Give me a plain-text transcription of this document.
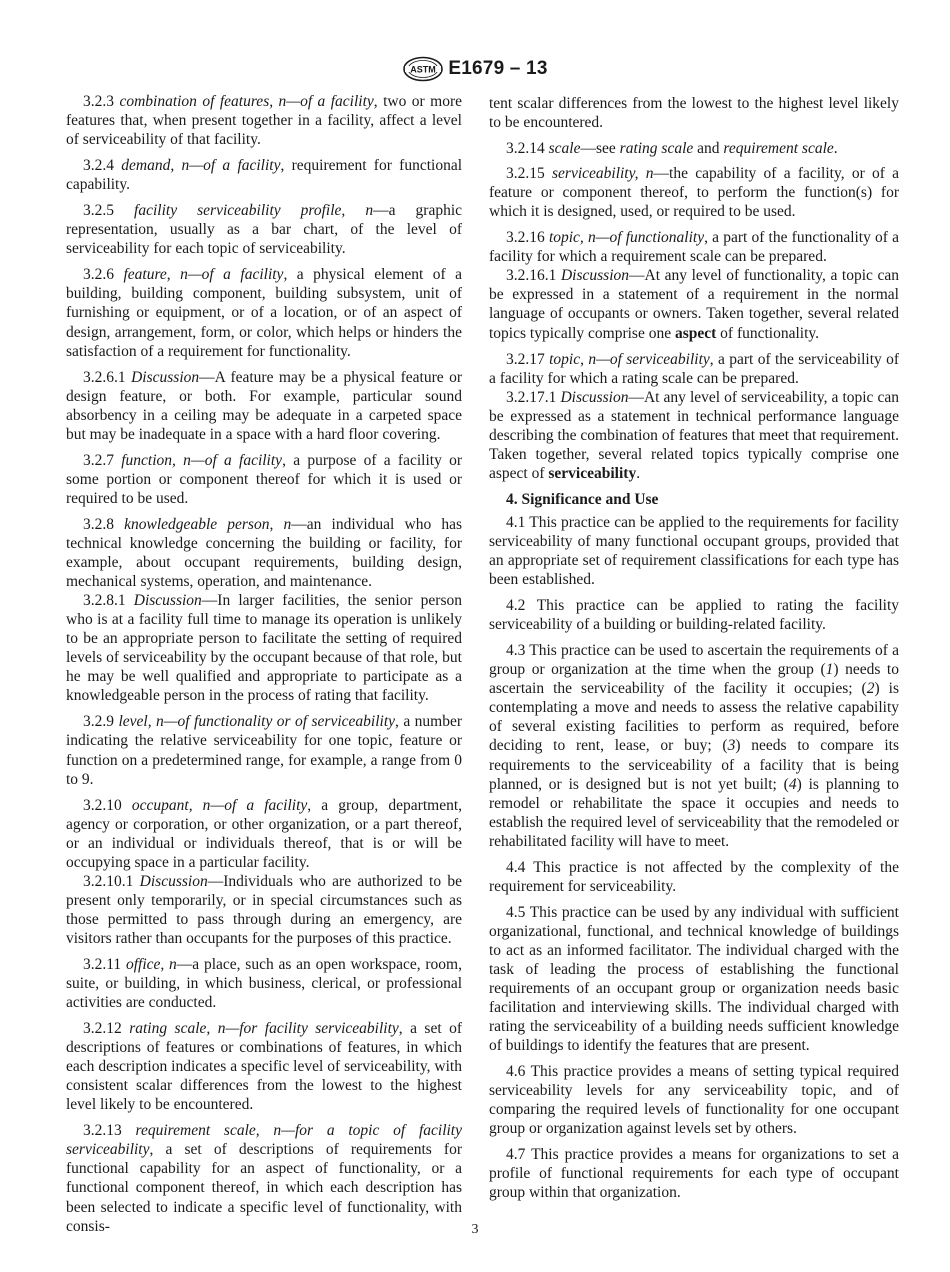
ASTM E1679 – 13

3.2.3 combination of features, n—of a facility, two or more features that, when present together in a facility, affect a level of serviceability of that facility.

3.2.4 demand, n—of a facility, requirement for functional capability.

3.2.5 facility serviceability profile, n—a graphic representation, usually as a bar chart, of the level of serviceability for each topic of serviceability.

3.2.6 feature, n—of a facility, a physical element of a building, building component, building subsystem, unit of furnishing or equipment, or of a location, or of an aspect of design, arrangement, form, or color, which helps or hinders the satisfaction of a requirement for functionality.

3.2.6.1 Discussion—A feature may be a physical feature or design feature, or both. For example, particular sound absorbency in a ceiling may be adequate in a carpeted space but may be inadequate in a space with a hard floor covering.

3.2.7 function, n—of a facility, a purpose of a facility or some portion or component thereof for which it is used or required to be used.

3.2.8 knowledgeable person, n—an individual who has technical knowledge concerning the building or facility, for example, about occupant requirements, building design, mechanical systems, operation, and maintenance.

3.2.8.1 Discussion—In larger facilities, the senior person who is at a facility full time to manage its operation is unlikely to be an appropriate person to facilitate the setting of required levels of serviceability by the occupant because of that role, but he may be well qualified and appropriate to participate as a knowledgeable person in the process of rating that facility.

3.2.9 level, n—of functionality or of serviceability, a number indicating the relative serviceability for one topic, feature or function on a predetermined range, for example, a range from 0 to 9.

3.2.10 occupant, n—of a facility, a group, department, agency or corporation, or other organization, or a part thereof, or an individual or individuals thereof, that is or will be occupying space in a particular facility.

3.2.10.1 Discussion—Individuals who are authorized to be present only temporarily, or in special circumstances such as those permitted to pass through during an emergency, are visitors rather than occupants for the purposes of this practice.

3.2.11 office, n—a place, such as an open workspace, room, suite, or building, in which business, clerical, or professional activities are conducted.

3.2.12 rating scale, n—for facility serviceability, a set of descriptions of features or combinations of features, in which each description indicates a specific level of serviceability, with consistent scalar differences from the lowest to the highest level likely to be encountered.

3.2.13 requirement scale, n—for a topic of facility serviceability, a set of descriptions of requirements for functional capability for an aspect of functionality, or a functional component thereof, in which each description has been selected to indicate a specific level of functionality, with consis-

tent scalar differences from the lowest to the highest level likely to be encountered.

3.2.14 scale—see rating scale and requirement scale.

3.2.15 serviceability, n—the capability of a facility, or of a feature or component thereof, to perform the function(s) for which it is designed, used, or required to be used.

3.2.16 topic, n—of functionality, a part of the functionality of a facility for which a requirement scale can be prepared.

3.2.16.1 Discussion—At any level of functionality, a topic can be expressed in a statement of a requirement in the normal language of occupants or owners. Taken together, several related topics typically comprise one aspect of functionality.

3.2.17 topic, n—of serviceability, a part of the serviceability of a facility for which a rating scale can be prepared.

3.2.17.1 Discussion—At any level of serviceability, a topic can be expressed as a statement in technical performance language describing the combination of features that meet that requirement. Taken together, several related topics typically comprise one aspect of serviceability.

4. Significance and Use

4.1 This practice can be applied to the requirements for facility serviceability of many functional occupant groups, provided that an appropriate set of requirement classifications for each type has been established.

4.2 This practice can be applied to rating the facility serviceability of a building or building-related facility.

4.3 This practice can be used to ascertain the requirements of a group or organization at the time when the group (1) needs to ascertain the serviceability of the facility it occupies; (2) is contemplating a move and needs to assess the relative capability of several existing facilities to perform as required, before deciding to rent, lease, or buy; (3) needs to compare its requirements to the serviceability of a facility that is being planned, or is designed but is not yet built; (4) is planning to remodel or rehabilitate the space it occupies and needs to establish the required level of serviceability that the remodeled or rehabilitated facility will have to meet.

4.4 This practice is not affected by the complexity of the requirement for serviceability.

4.5 This practice can be used by any individual with sufficient organizational, functional, and technical knowledge of buildings to act as an informed facilitator. The individual charged with the task of leading the process of establishing the functional requirements of an occupant group or organization needs basic facilitation and interviewing skills. The individual charged with rating the serviceability of a building needs sufficient knowledge of buildings to identify the features that are present.

4.6 This practice provides a means of setting typical required serviceability levels for any serviceability topic, and of comparing the required levels of functionality for one occupant group or organization against levels set by others.

4.7 This practice provides a means for organizations to set a profile of functional requirements for each type of occupant group within that organization.

3
